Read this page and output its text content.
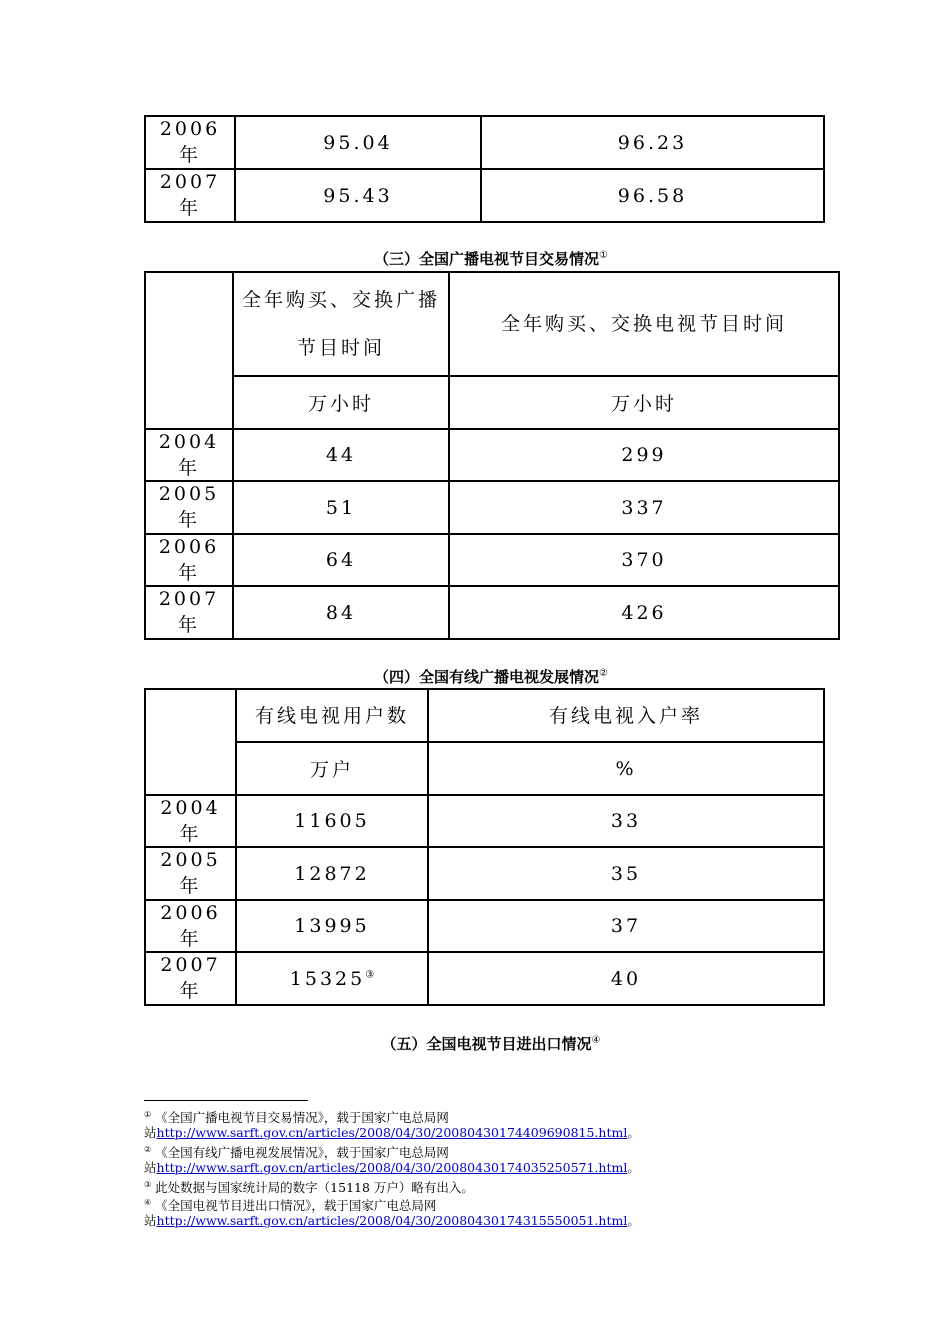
2006 年	95.04	96.23
2007 年	95.43	96.58
（三）全国广播电视节目交易情况①
	全年购买、交换广播节目时间	全年购买、交换电视节目时间
	万小时	万小时
2004 年	44	299
2005 年	51	337
2006 年	64	370
2007 年	84	426
（四）全国有线广播电视发展情况②
	有线电视用户数	有线电视入户率
	万户	%
2004 年	11605	33
2005 年	12872	35
2006 年	13995	37
2007 年	15325③	40
（五）全国电视节目进出口情况④
① 《全国广播电视节目交易情况》，载于国家广电总局网
站http://www.sarft.gov.cn/articles/2008/04/30/20080430174409690815.html。
② 《全国有线广播电视发展情况》，载于国家广电总局网
站http://www.sarft.gov.cn/articles/2008/04/30/20080430174035250571.html。
③ 此处数据与国家统计局的数字（15118 万户）略有出入。
④ 《全国电视节目进出口情况》，载于国家广电总局网
站http://www.sarft.gov.cn/articles/2008/04/30/20080430174315550051.html。
